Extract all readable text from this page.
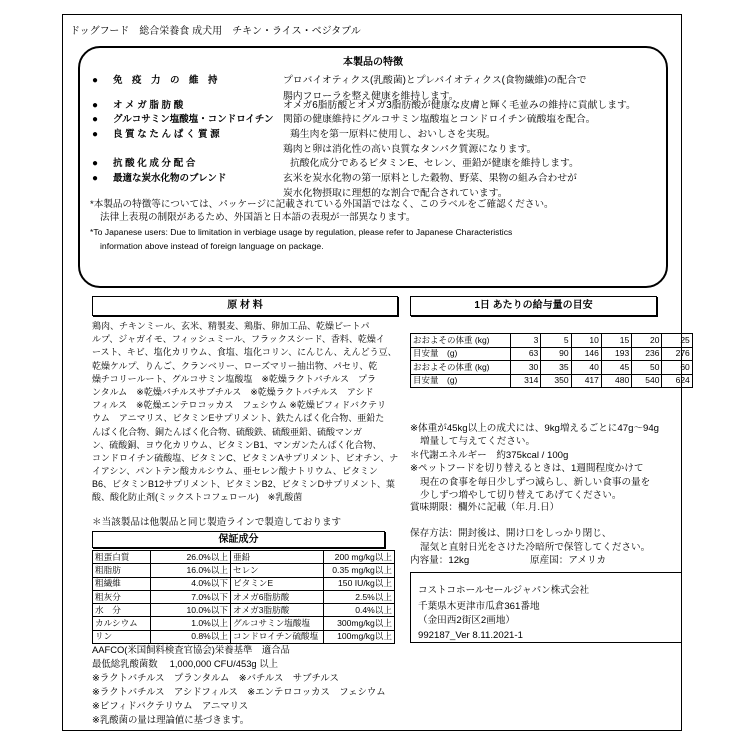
ドッグフード　総合栄養食 成犬用　チキン・ライス・ベジタブル
本製品の特徴
● 免　疫　力　の　維　持	プロバイオティクス(乳酸菌)とプレバイオティクス(食物繊維)の配合で
腸内フローラを整え健康を維持します。
● オ メ ガ 脂 肪 酸	オメガ6脂肪酸とオメガ3脂肪酸が健康な皮膚と輝く毛並みの維持に貢献します。
● グルコサミン塩酸塩・コンドロイチン 関節の健康維持にグルコサミン塩酸塩とコンドロイチン硫酸塩を配合。
● 良 質 な た ん ぱ く 質 源	鶏生肉を第一原料に使用し、おいしさを実現。
鶏肉と卵は消化性の高い良質なタンパク質源になります。
● 抗 酸 化 成 分 配 合	抗酸化成分であるビタミンE、セレン、亜鉛が健康を維持します。
● 最適な炭水化物のブレンド	玄米を炭水化物の第一原料とした穀物、野菜、果物の組み合わせが
炭水化物摂取に理想的な割合で配合されています。
*本製品の特徴等については、パッケージに記載されている外国語ではなく、このラベルをご確認ください。
法律上表現の制限があるため、外国語と日本語の表現が一部異なります。
*To Japanese users: Due to limitation in verbiage usage by regulation, please refer to Japanese Characteristics
information above instead of foreign language on package.
原 材 料
鶏肉、チキンミール、玄米、精製麦、鶏脂、卵加工品、乾燥ビートパ
ルプ、ジャガイモ、フィッシュミール、フラックスシード、香料、乾燥イ
ースト、キビ、塩化カリウム、食塩、塩化コリン、にんじん、えんどう豆、
乾燥ケルプ、りんご、クランベリー、ローズマリー抽出物、パセリ、乾
燥チコリールート、グルコサミン塩酸塩　※乾燥ラクトバチルス　プラ
ンタルム　※乾燥バチルスサブチルス　※乾燥ラクトバチルス　アシド
フィルス　※乾燥エンテロコッカス　フェシウム ※乾燥ビフィドバクテリ
ウム　アニマリス、ビタミンEサプリメント、鉄たんぱく化合物、亜鉛た
んぱく化合物、銅たんぱく化合物、硫酸鉄、硫酸亜鉛、硫酸マンガ
ン、硫酸銅、ヨウ化カリウム、ビタミンB1、マンガンたんぱく化合物、
コンドロイチン硫酸塩、ビタミンC、ビタミンAサプリメント、ビオチン、ナ
イアシン、パントテン酸カルシウム、亜セレン酸ナトリウム、ビタミン
B6、ビタミンB12サプリメント、ビタミンB2、ビタミンDサプリメント、葉
酸、酸化防止剤(ミックストコフェロール)　※乳酸菌
1日 あたりの給与量の目安
おおよその体重 (kg)	3	5	10	15	20	25
目安量　(g)	63	90	146	193	236	276
おおよその体重 (kg)	30	35	40	45	50	60
目安量　(g)	314	350	417	480	540	624
※体重が45kg以上の成犬には、9kg増えるごとに47g〜94g
増量して与えてください。
＊代謝エネルギー　約375kcal / 100g
※ペットフードを切り替えるときは、1週間程度かけて
現在の食事を毎日少しずつ減らし、新しい食事の量を
少しずつ増やして切り替えてあげてください。
賞味期限：欄外に記載（年.月.日）
＊当該製品は他製品と同じ製造ラインで製造しております
保証成分
粗蛋白質	26.0%以上	亜鉛	200 mg/kg以上
粗脂肪	16.0%以上	セレン	0.35 mg/kg以上
粗繊維	4.0%以下	ビタミンE	150 IU/kg以上
粗灰分	7.0%以下	オメガ6脂肪酸	2.5%以上
水　分	10.0%以下	オメガ3脂肪酸	0.4%以上
カルシウム	1.0%以上	グルコサミン塩酸塩	300mg/kg以上
リン	0.8%以上	コンドロイチン硫酸塩	100mg/kg以上
AAFCO(米国飼料検査官協会)栄養基準　適合品
最低総乳酸菌数　 1,000,000 CFU/453g 以上
※ラクトバチルス　プランタルム　※バチルス　サブチルス
※ラクトバチルス　アシドフィルス　※エンテロコッカス　フェシウム
※ビフィドバクテリウム　アニマリス
※乳酸菌の量は理論値に基づきます。
保存方法：開封後は、開け口をしっかり閉じ、
湿気と直射日光をさけた冷暗所で保管してください。
内容量：12kg	原産国：アメリカ
コストコホールセールジャパン株式会社
千葉県木更津市瓜倉361番地
（金田西2街区2画地）
992187_Ver 8.11.2021-1
